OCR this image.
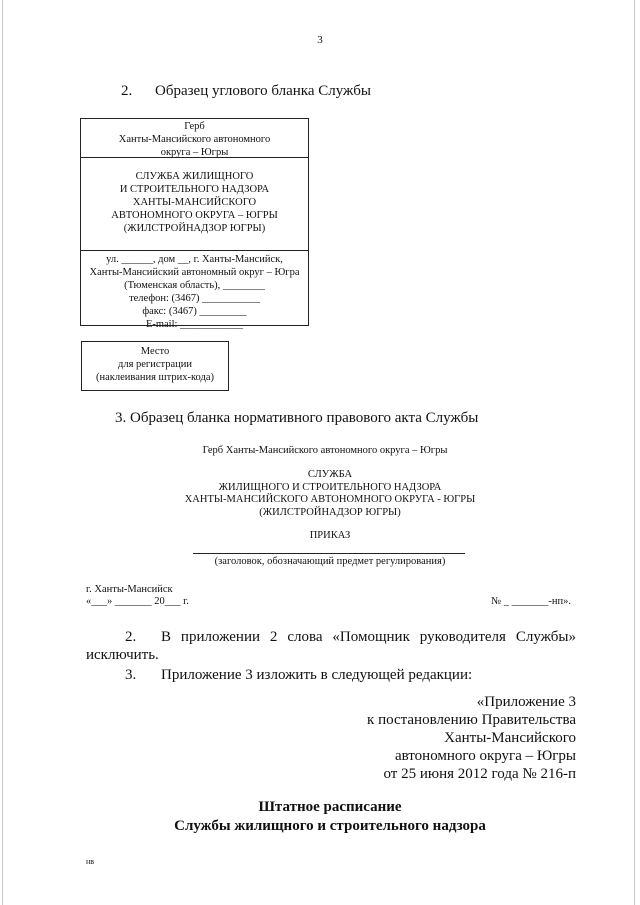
3
2. Образец углового бланка Службы
Герб
Ханты-Мансийского автономного
округа – Югры
СЛУЖБА ЖИЛИЩНОГО
И СТРОИТЕЛЬНОГО НАДЗОРА
ХАНТЫ-МАНСИЙСКОГО
АВТОНОМНОГО ОКРУГА – ЮГРЫ
(ЖИЛСТРОЙНАДЗОР ЮГРЫ)
ул. ______, дом __, г. Ханты-Мансийск,
Ханты-Мансийский автономный округ – Югра
(Тюменская область), ________
телефон: (3467) ___________
факс: (3467) _________
E-mail: ____________
Место
для регистрации
(наклеивания штрих-кода)
3. Образец бланка нормативного правового акта Службы
Герб Ханты-Мансийского автономного округа – Югры
СЛУЖБА
ЖИЛИЩНОГО И СТРОИТЕЛЬНОГО НАДЗОРА
ХАНТЫ-МАНСИЙСКОГО АВТОНОМНОГО ОКРУГА - ЮГРЫ
(ЖИЛСТРОЙНАДЗОР ЮГРЫ)
ПРИКАЗ
(заголовок, обозначающий предмет регулирования)
г. Ханты-Мансийск
«___» _______ 20___ г.	№ _ _______-нп».
2. В приложении 2 слова «Помощник руководителя Службы»
исключить.
3. Приложение 3 изложить в следующей редакции:
«Приложение 3
к постановлению Правительства
Ханты-Мансийского
автономного округа – Югры
от 25 июня 2012 года № 216-п
Штатное расписание
Службы жилищного и строительного надзора
нв
